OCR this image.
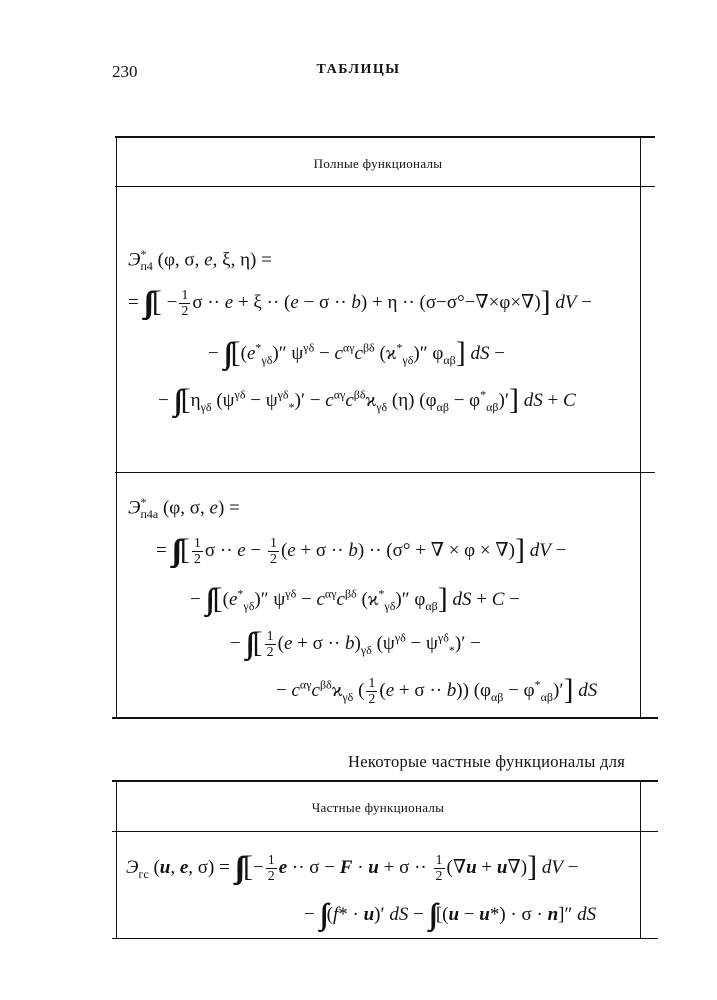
230	ТАБЛИЦЫ
Полные функционалы
$Э^*_{п4}$ (φ, σ, e, ξ, η) =
= ∫∫∫ [ − $\frac{1}{2}$ σ ·· e + ξ ·· (e − σ ·· b) + η ·· (σ−σ°−∇×φ×∇)] dV −
− ∫∫ [$(e^*_{\gamma\delta})''$ $\psi^{\gamma\delta} - c^{\alpha\gamma}c^{\beta\delta}$ $(ϰ^*_{\gamma\delta})''$ $\varphi_{\alpha\beta}$] dS −
− ∫∫ [$\eta_{\gamma\delta}$ $(\psi^{\gamma\delta} - \psi^{\gamma\delta}_*)' - c^{\alpha\gamma}c^{\beta\delta}ϰ_{\gamma\delta}$ (η) $(\varphi_{\alpha\beta} - \varphi^*_{\alpha\beta})'$] dS + C
$Э^*_{п4а}$ (φ, σ, e) =
= ∫∫∫ [ $\frac{1}{2}$ $\sigma \cdot\cdot e - \frac{1}{2} (e + \sigma \cdot\cdot b) \cdot\cdot (\sigma^\circ$ + ∇ × φ × ∇)] dV −
− ∫∫ [$(e^*_{\gamma\delta})''$ $\psi^{\gamma\delta} - c^{\alpha\gamma}c^{\beta\delta}$ $(ϰ^*_{\gamma\delta})''$ $\varphi_{\alpha\beta}$] dS + C −
− ∫∫ [ $\frac{1}{2} (e + \sigma \cdot\cdot b)_{\gamma\delta}$ $(\psi^{\gamma\delta} - \psi^{\gamma\delta}_*)'$ −
− $c^{\alpha\gamma}c^{\beta\delta}ϰ_{\gamma\delta}$ ( $\frac{1}{2} (e + \sigma \cdot\cdot b)$) $(\varphi_{\alpha\beta} - \varphi^*_{\alpha\beta})'$] dS
Некоторые частные функционалы для
Частные функционалы
$Э_{гс}$ (u, e, σ) = ∫∫∫ [− $\frac{1}{2}$ $e \cdot\cdot \sigma - F \cdot u + \sigma \cdot\cdot \frac{1}{2} (\nabla u + u\nabla)$] dV −
− ∫∫ (f* · u)′ dS − ∫∫ [(u − u*) · σ · n]″ dS
